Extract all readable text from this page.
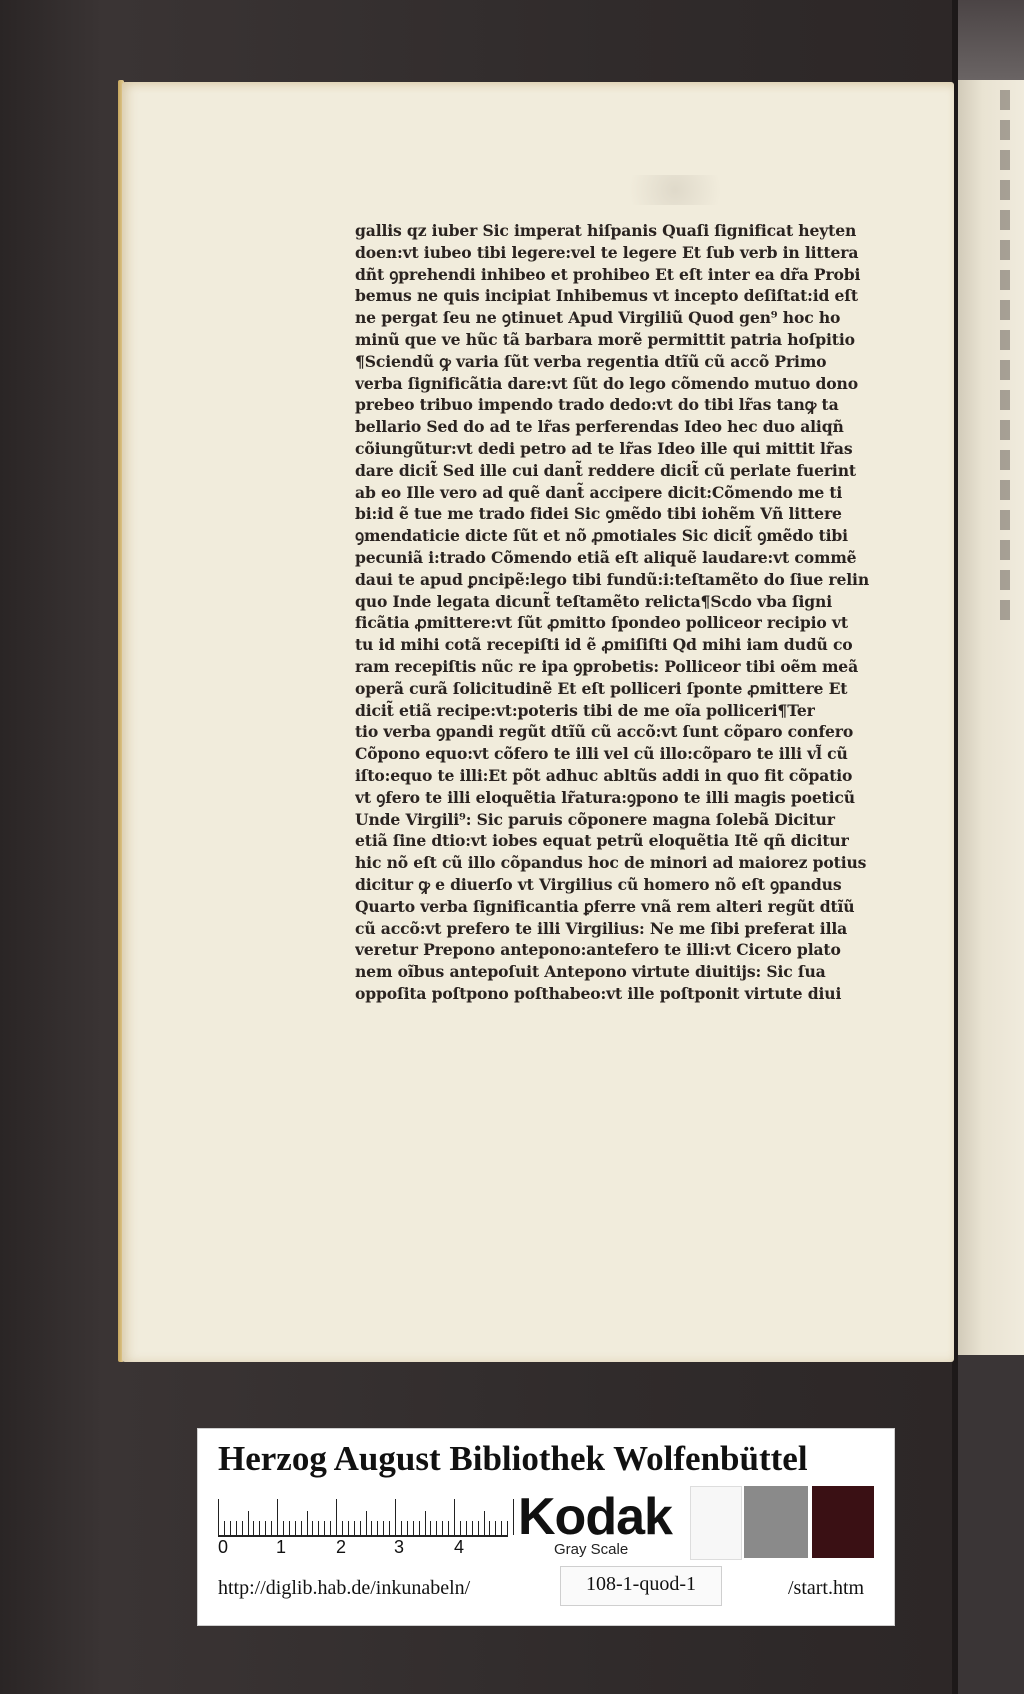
gallis qz iuber Sic imperat hiſpanis Quaſi ſignificat heyten
doen:vt iubeo tibi legere:vel te legere Et ſub verb in littera
dñt ꝯprehendi inhibeo et prohibeo Et eſt inter ea dr̃a Probi
bemus ne quis incipiat Inhibemus vt incepto deſiſtat:id eſt
ne pergat ſeu ne ꝯtinuet Apud Virgiliũ Quod gen⁹ hoc ho
minũ que ve hũc tã barbara morẽ permittit patria hoſpitio
¶Sciendũ ꝙ varia ſũt verba regentia dtĩũ cũ accõ Primo
verba ſignificãtia dare:vt ſũt do lego cõmendo mutuo dono
prebeo tribuo impendo trado dedo:vt do tibi lr̃as tanꝙ ta
bellario Sed do ad te lr̃as perferendas Ideo hec duo aliqñ
cõiungũtur:vt dedi petro ad te lr̃as Ideo ille qui mittit lr̃as
dare dicit̃ Sed ille cui dant̃ reddere dicit̃ cũ perlate fuerint
ab eo Ille vero ad quẽ dant̃ accipere dicit:Cõmendo me ti
bi:id ẽ tue me trado fidei Sic ꝯmẽdo tibi iohẽm Vñ littere
ꝯmendaticie dicte ſũt et nõ ꝓmotiales Sic dicit̃ ꝯmẽdo tibi
pecuniã i:trado Cõmendo etiã eſt aliquẽ laudare:vt commẽ
daui te apud ꝑncipẽ:lego tibi fundũ:i:teſtamẽto do ſiue relin
quo Inde legata dicunt̃ teſtamẽto relicta¶Scdo vba ſigni
ficãtia ꝓmittere:vt ſũt ꝓmitto ſpondeo polliceor recipio vt
tu id mihi cotã recepiſti id ẽ ꝓmiſiſti Qd mihi iam dudũ co
ram recepiſtis nũc re ipa ꝯprobetis: Polliceor tibi oẽm meã
operã curã ſolicitudinẽ Et eſt polliceri ſponte ꝓmittere Et
dicit̃ etiã recipe:vt:poteris tibi de me oĩa polliceri¶Ter
tio verba ꝯpandi regũt dtĩũ cũ accõ:vt ſunt cõparo confero
Cõpono equo:vt cõfero te illi vel cũ illo:cõparo te illi vl̃ cũ
iſto:equo te illi:Et põt adhuc abltũs addi in quo fit cõpatio
vt ꝯfero te illi eloquẽtia lr̃atura:ꝯpono te illi magis poeticũ
Unde Virgili⁹: Sic paruis cõponere magna ſolebã Dicitur
etiã ſine dtio:vt iobes equat petrũ eloquẽtia Itẽ qñ dicitur
hic nõ eſt cũ illo cõpandus hoc de minori ad maiorez potius
dicitur ꝙ e diuerſo vt Virgilius cũ homero nõ eſt ꝯpandus
Quarto verba ſignificantia ꝑferre vnã rem alteri regũt dtĩũ
cũ accõ:vt prefero te illi Virgilius: Ne me ſibi preferat illa
veretur Prepono antepono:antefero te illi:vt Cicero plato
nem oĩbus antepoſuit Antepono virtute diuitijs: Sic ſua
oppoſita poſtpono poſthabeo:vt ille poſtponit virtute diui
Herzog August Bibliothek Wolfenbüttel
0	1	2	3	4
Kodak
Gray Scale
http://diglib.hab.de/inkunabeln/	108-1-quod-1	/start.htm
